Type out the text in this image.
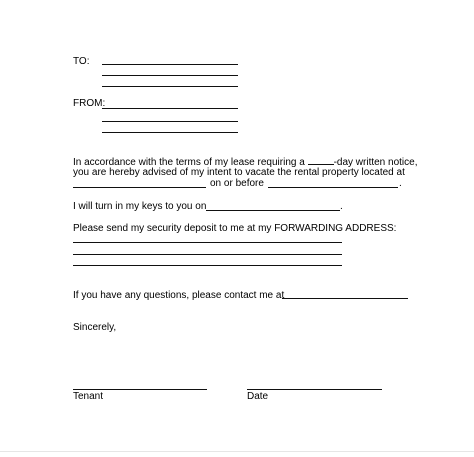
TO:
FROM:
In accordance with the terms of my lease requiring a	-day written notice,
you are hereby advised of my intent to vacate the rental property located at
on or before	.
I will turn in my keys to you on	.
Please send my security deposit to me at my FORWARDING ADDRESS:
If you have any questions, please contact me at
Sincerely,
Tenant	Date
